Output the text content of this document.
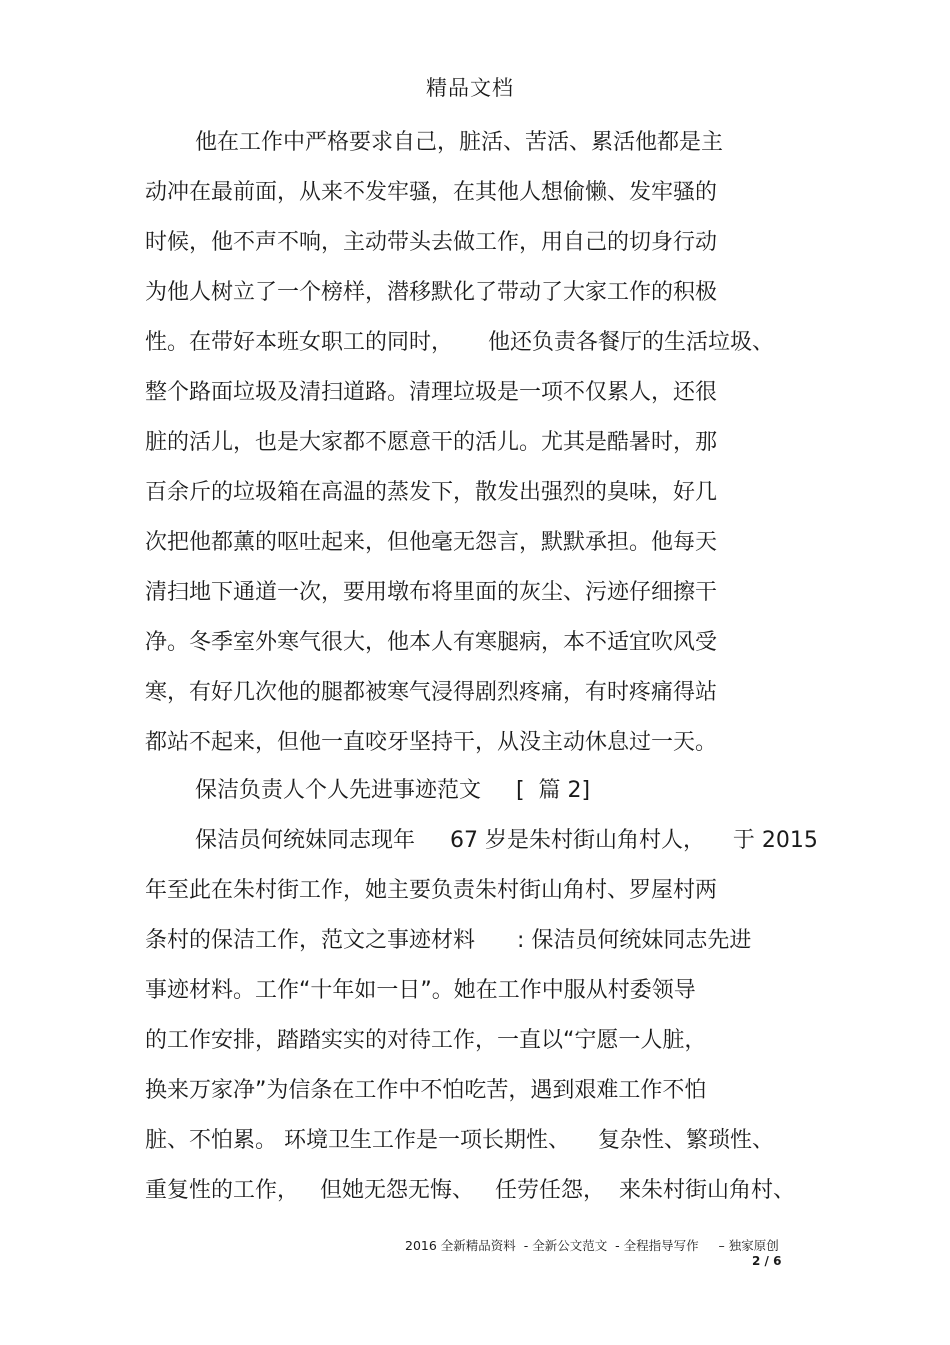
精品文档
他在工作中严格要求自己，脏活、苦活、累活他都是主
动冲在最前面，从来不发牢骚，在其他人想偷懒、发牢骚的
时候，他不声不响，主动带头去做工作，用自己的切身行动
为他人树立了一个榜样，潜移默化了带动了大家工作的积极
性。在带好本班女职工的同时，     他还负责各餐厅的生活垃圾、
整个路面垃圾及清扫道路。清理垃圾是一项不仅累人，还很
脏的活儿，也是大家都不愿意干的活儿。尤其是酷暑时，那
百余斤的垃圾箱在高温的蒸发下，散发出强烈的臭味，好几
次把他都薰的呕吐起来，但他毫无怨言，默默承担。他每天
清扫地下通道一次，要用墩布将里面的灰尘、污迹仔细擦干
净。冬季室外寒气很大，他本人有寒腿病，本不适宜吹风受
寒，有好几次他的腿都被寒气浸得剧烈疼痛，有时疼痛得站
都站不起来，但他一直咬牙坚持干，从没主动休息过一天。
保洁负责人个人先进事迹范文     [  篇 2]
保洁员何统妹同志现年     67 岁是朱村街山角村人，    于 2015
年至此在朱村街工作，她主要负责朱村街山角村、罗屋村两
条村的保洁工作，范文之事迹材料      : 保洁员何统妹同志先进
事迹材料。工作“十年如一日”。她在工作中服从村委领导
的工作安排，踏踏实实的对待工作，一直以“宁愿一人脏，
换来万家净”为信条在工作中不怕吃苦，遇到艰难工作不怕
脏、不怕累。 环境卫生工作是一项长期性、    复杂性、繁琐性、
重复性的工作，   但她无怨无悔、   任劳任怨，  来朱村街山角村、
2016 全新精品资料  - 全新公文范文  - 全程指导写作     – 独家原创
2 / 6
